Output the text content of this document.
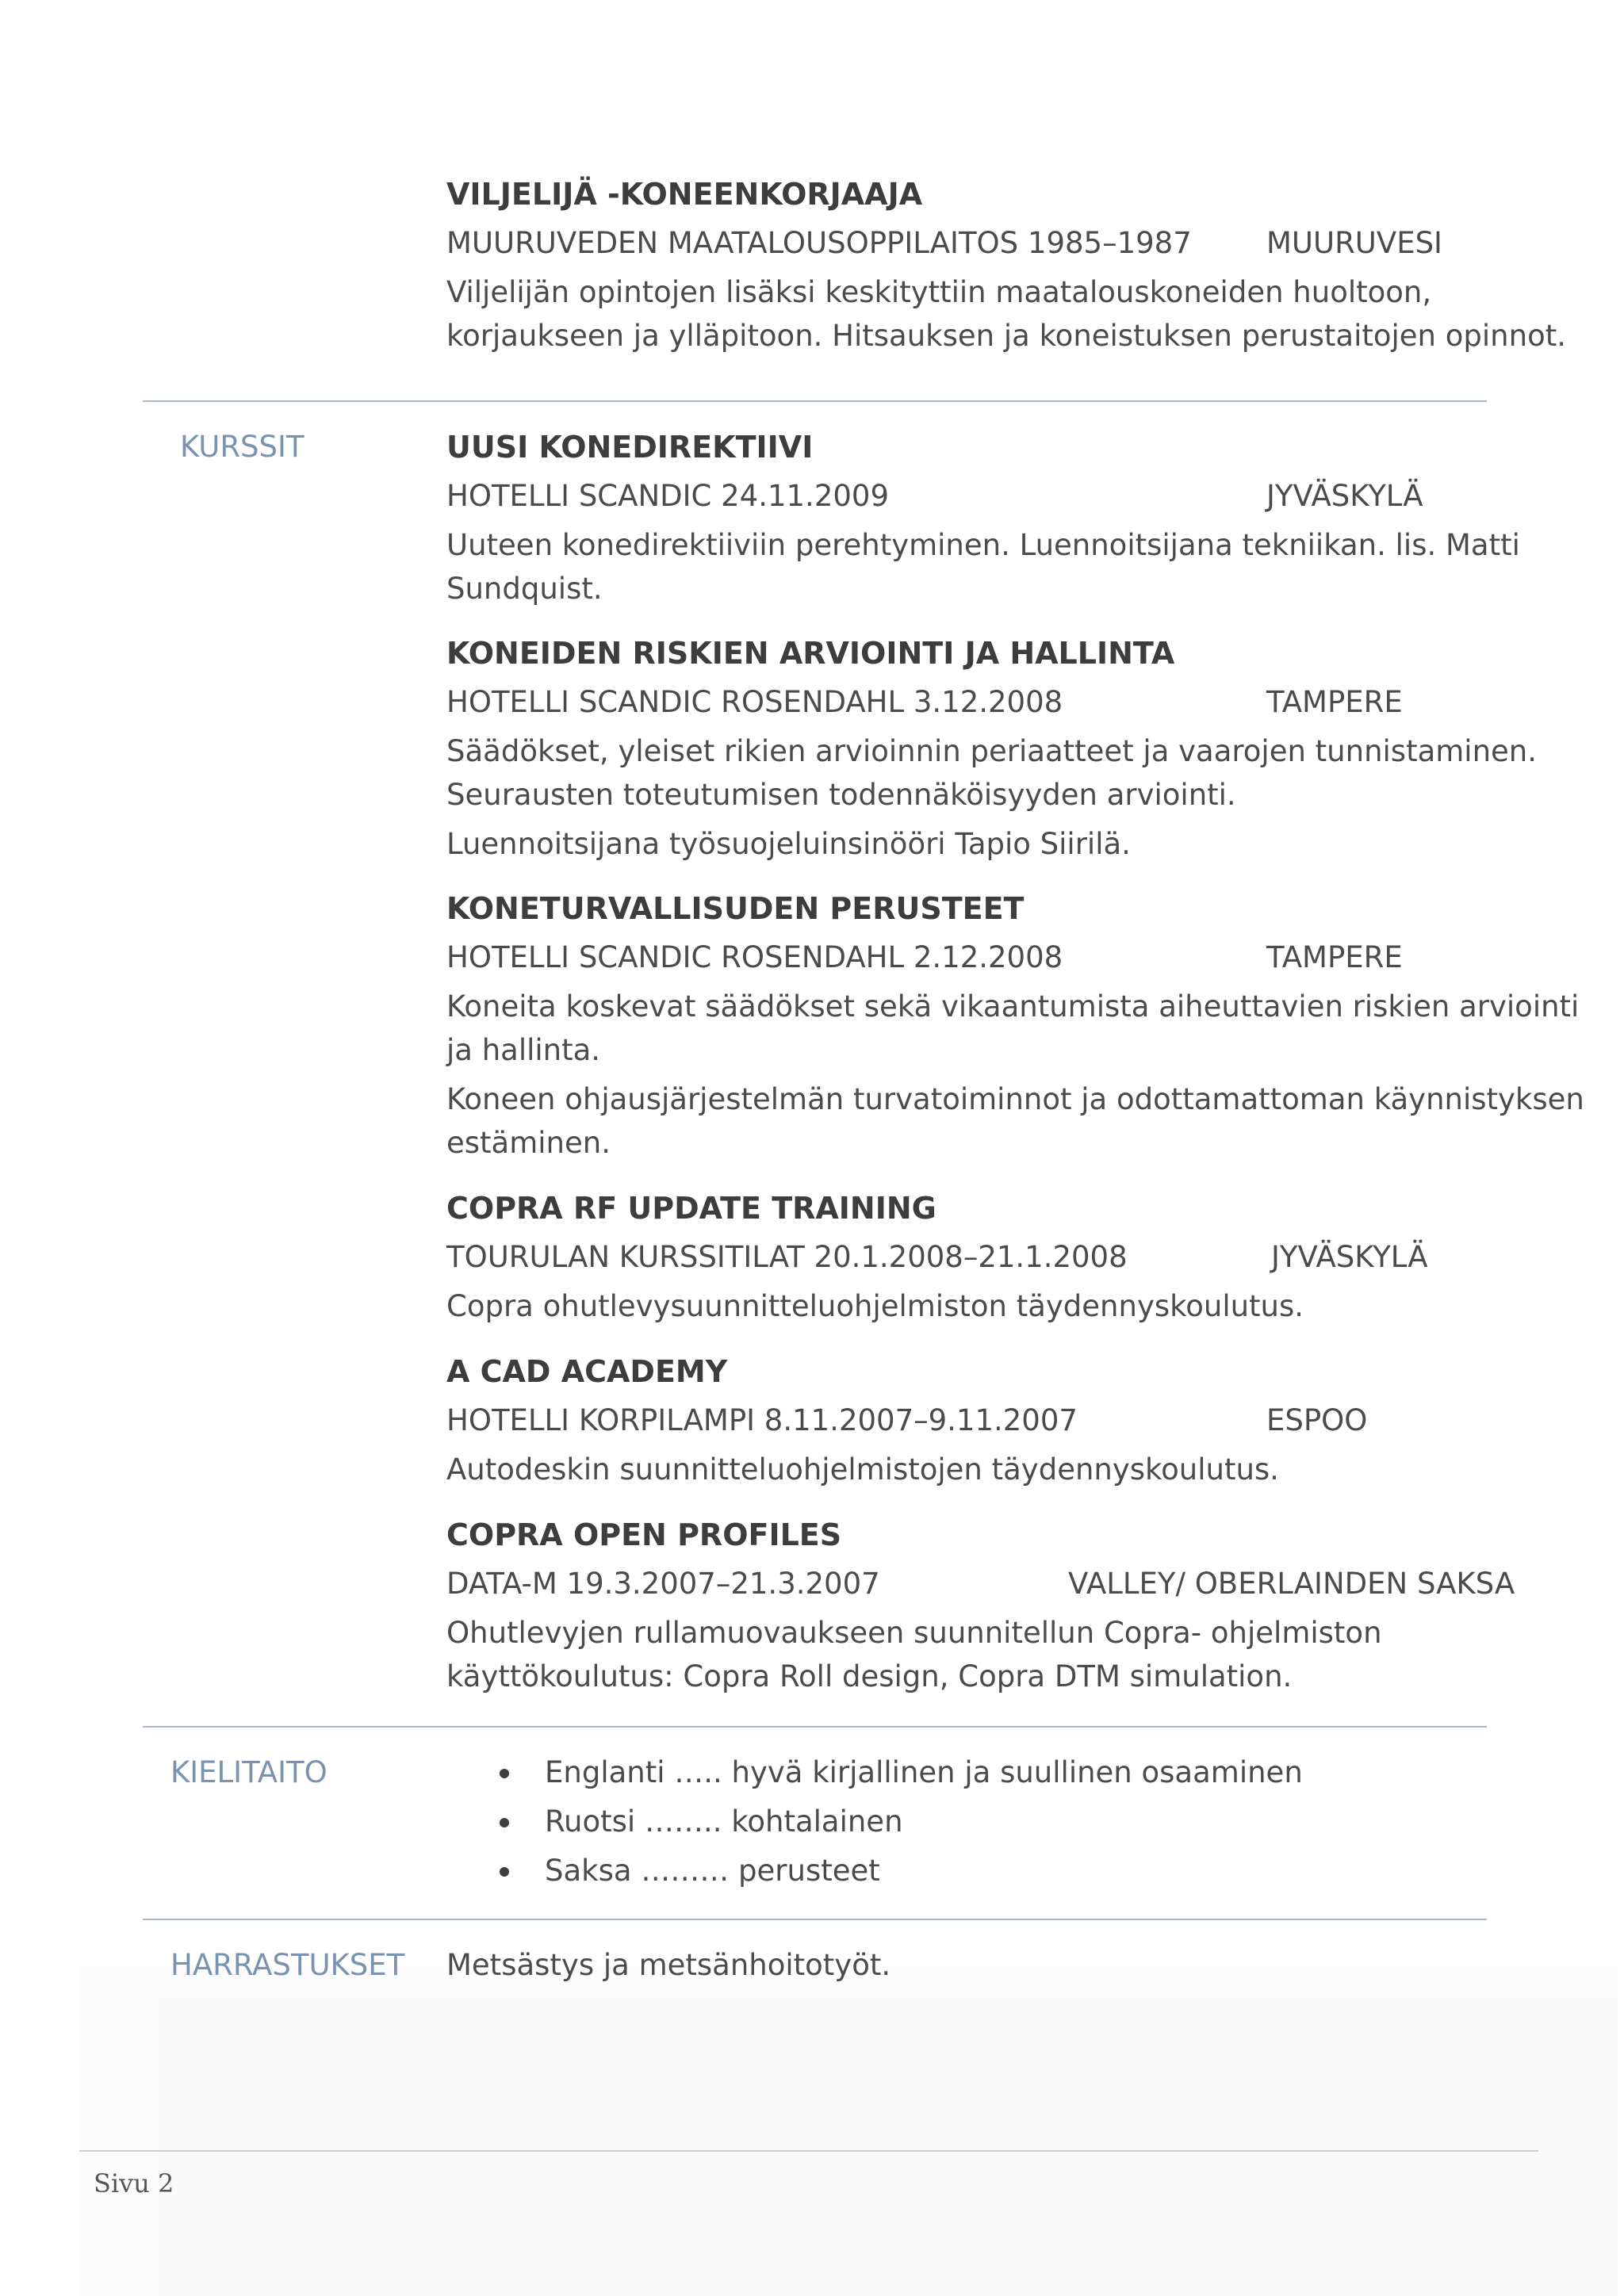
VILJELIJÄ -KONEENKORJAAJA
MUURUVEDEN MAATALOUSOPPILAITOS 1985–1987	MUURUVESI
Viljelijän opintojen lisäksi keskityttiin maatalouskoneiden huoltoon,
korjaukseen ja ylläpitoon. Hitsauksen ja koneistuksen perustaitojen opinnot.
KURSSIT	UUSI KONEDIREKTIIVI
HOTELLI SCANDIC 24.11.2009	JYVÄSKYLÄ
Uuteen konedirektiiviin perehtyminen. Luennoitsijana tekniikan. lis. Matti
Sundquist.
KONEIDEN RISKIEN ARVIOINTI JA HALLINTA
HOTELLI SCANDIC ROSENDAHL 3.12.2008	TAMPERE
Säädökset, yleiset rikien arvioinnin periaatteet ja vaarojen tunnistaminen.
Seurausten toteutumisen todennäköisyyden arviointi.
Luennoitsijana työsuojeluinsinööri Tapio Siirilä.
KONETURVALLISUDEN PERUSTEET
HOTELLI SCANDIC ROSENDAHL 2.12.2008	TAMPERE
Koneita koskevat säädökset sekä vikaantumista aiheuttavien riskien arviointi
ja hallinta.
Koneen ohjausjärjestelmän turvatoiminnot ja odottamattoman käynnistyksen
estäminen.
COPRA RF UPDATE TRAINING
TOURULAN KURSSITILAT 20.1.2008–21.1.2008	JYVÄSKYLÄ
Copra ohutlevysuunnitteluohjelmiston täydennyskoulutus.
A CAD ACADEMY
HOTELLI KORPILAMPI 8.11.2007–9.11.2007	ESPOO
Autodeskin suunnitteluohjelmistojen täydennyskoulutus.
COPRA OPEN PROFILES
DATA-M 19.3.2007–21.3.2007	VALLEY/ OBERLAINDEN SAKSA
Ohutlevyjen rullamuovaukseen suunnitellun Copra- ohjelmiston
käyttökoulutus: Copra Roll design, Copra DTM simulation.
KIELITAITO	Englanti ….. hyvä kirjallinen ja suullinen osaaminen
Ruotsi …….. kohtalainen
Saksa ……… perusteet
HARRASTUKSET Metsästys ja metsänhoitotyöt.
Sivu 2
